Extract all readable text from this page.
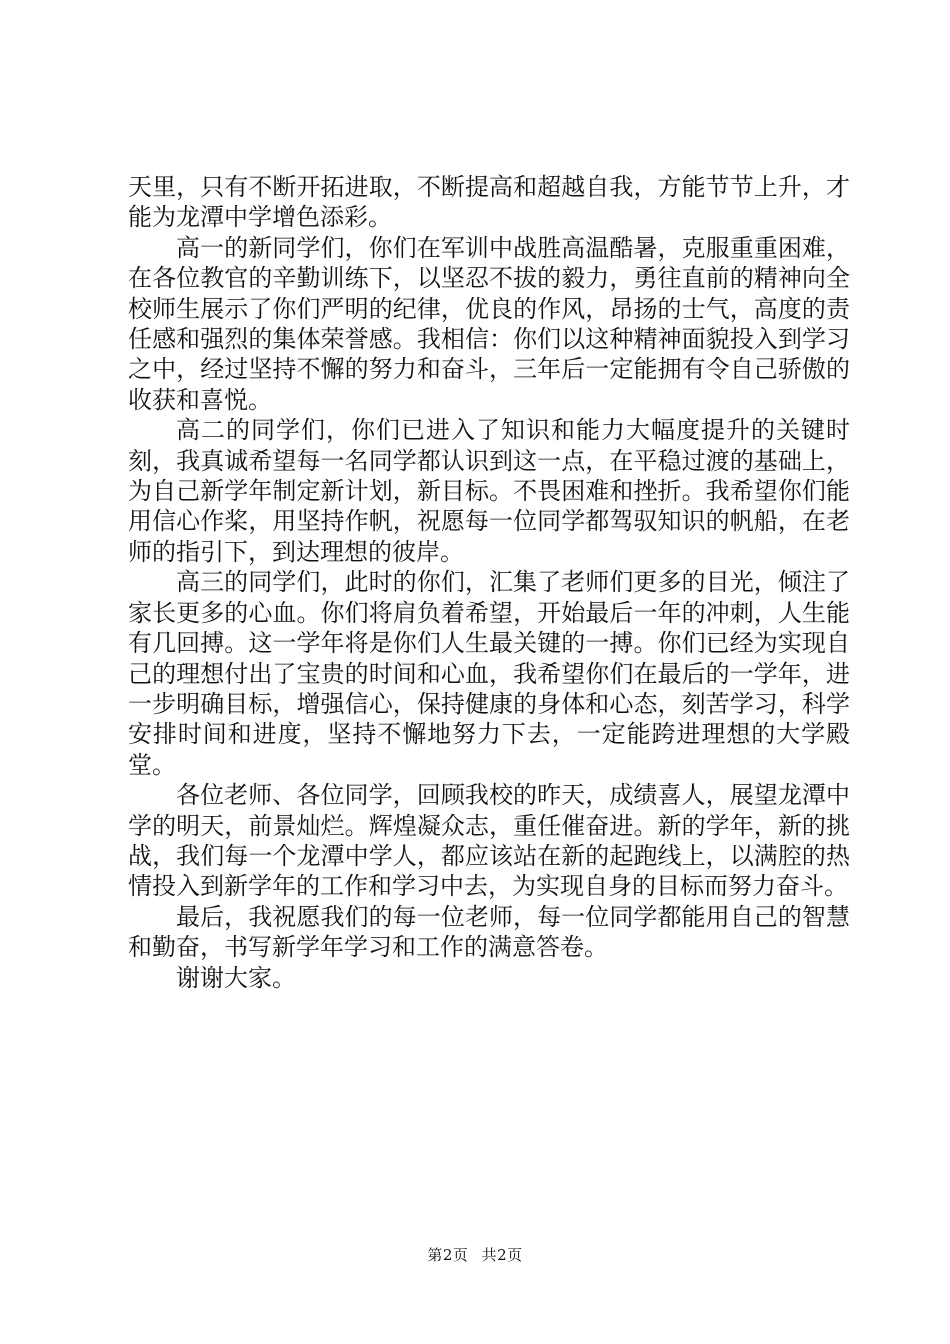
天里，只有不断开拓进取，不断提高和超越自我，方能节节上升，才能为龙潭中学增色添彩。

高一的新同学们，你们在军训中战胜高温酷暑，克服重重困难，在各位教官的辛勤训练下，以坚忍不拔的毅力，勇往直前的精神向全校师生展示了你们严明的纪律，优良的作风，昂扬的士气，高度的责任感和强烈的集体荣誉感。我相信：你们以这种精神面貌投入到学习之中，经过坚持不懈的努力和奋斗，三年后一定能拥有令自己骄傲的收获和喜悦。

高二的同学们，你们已进入了知识和能力大幅度提升的关键时刻，我真诚希望每一名同学都认识到这一点，在平稳过渡的基础上，为自己新学年制定新计划，新目标。不畏困难和挫折。我希望你们能用信心作桨，用坚持作帆，祝愿每一位同学都驾驭知识的帆船，在老师的指引下，到达理想的彼岸。

高三的同学们，此时的你们，汇集了老师们更多的目光，倾注了家长更多的心血。你们将肩负着希望，开始最后一年的冲刺，人生能有几回搏。这一学年将是你们人生最关键的一搏。你们已经为实现自己的理想付出了宝贵的时间和心血，我希望你们在最后的一学年，进一步明确目标，增强信心，保持健康的身体和心态，刻苦学习，科学安排时间和进度，坚持不懈地努力下去，一定能跨进理想的大学殿堂。

各位老师、各位同学，回顾我校的昨天，成绩喜人，展望龙潭中学的明天，前景灿烂。辉煌凝众志，重任催奋进。新的学年，新的挑战，我们每一个龙潭中学人，都应该站在新的起跑线上，以满腔的热情投入到新学年的工作和学习中去，为实现自身的目标而努力奋斗。

最后，我祝愿我们的每一位老师，每一位同学都能用自己的智慧和勤奋，书写新学年学习和工作的满意答卷。

谢谢大家。

第2页 共2页
